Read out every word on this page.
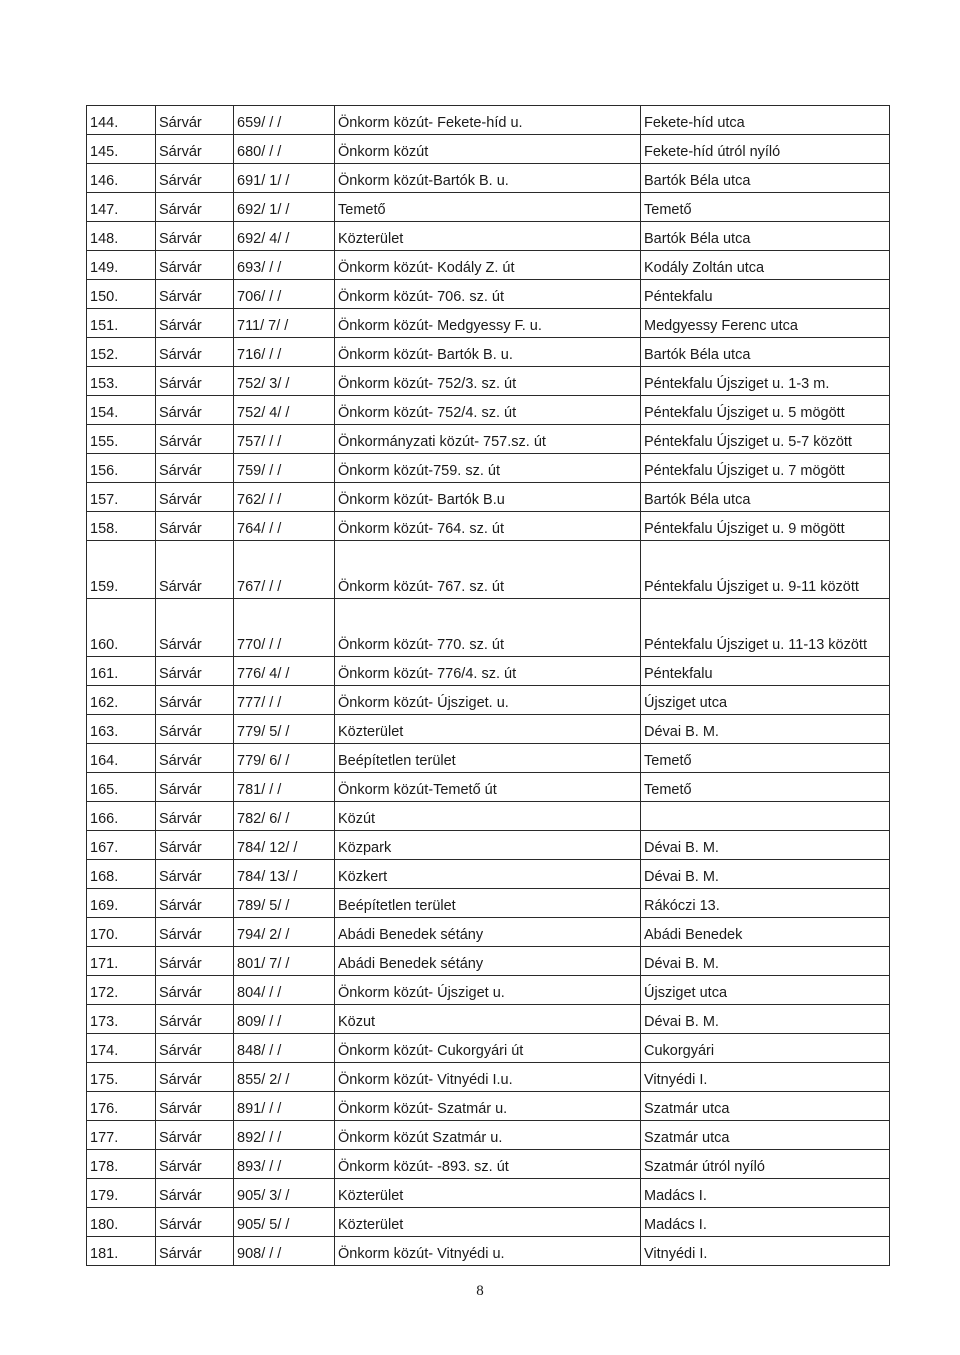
144.	Sárvár	659/ / /	Önkorm közút- Fekete-híd u.	Fekete-híd utca
145.	Sárvár	680/ / /	Önkorm közút	Fekete-híd útról nyíló
146.	Sárvár	691/ 1/ /	Önkorm közút-Bartók B. u.	Bartók Béla utca
147.	Sárvár	692/ 1/ /	Temető	Temető
148.	Sárvár	692/ 4/ /	Közterület	Bartók Béla utca
149.	Sárvár	693/ / /	Önkorm közút- Kodály Z. út	Kodály Zoltán utca
150.	Sárvár	706/ / /	Önkorm közút- 706. sz. út	Péntekfalu
151.	Sárvár	711/ 7/ /	Önkorm közút- Medgyessy F. u.	Medgyessy Ferenc utca
152.	Sárvár	716/ / /	Önkorm közút- Bartók B. u.	Bartók Béla utca
153.	Sárvár	752/ 3/ /	Önkorm közút- 752/3. sz. út	Péntekfalu Újsziget u. 1-3 m.
154.	Sárvár	752/ 4/ /	Önkorm közút- 752/4. sz. út	Péntekfalu Újsziget u. 5 mögött
155.	Sárvár	757/ / /	Önkormányzati közút- 757.sz. út	Péntekfalu Újsziget u. 5-7 között
156.	Sárvár	759/ / /	Önkorm közút-759. sz. út	Péntekfalu Újsziget u. 7 mögött
157.	Sárvár	762/ / /	Önkorm közút- Bartók B.u	Bartók Béla utca
158.	Sárvár	764/ / /	Önkorm közút- 764. sz. út	Péntekfalu Újsziget u. 9 mögött
159.	Sárvár	767/ / /	Önkorm közút- 767. sz. út	Péntekfalu Újsziget u. 9-11 között
160.	Sárvár	770/ / /	Önkorm közút- 770. sz. út	Péntekfalu Újsziget u. 11-13 között
161.	Sárvár	776/ 4/ /	Önkorm közút- 776/4. sz. út	Péntekfalu
162.	Sárvár	777/ / /	Önkorm közút- Újsziget. u.	Újsziget utca
163.	Sárvár	779/ 5/ /	Közterület	Dévai B. M.
164.	Sárvár	779/ 6/ /	Beépítetlen terület	Temető
165.	Sárvár	781/ / /	Önkorm közút-Temető út	Temető
166.	Sárvár	782/ 6/ /	Közút	
167.	Sárvár	784/ 12/ /	Közpark	Dévai B. M.
168.	Sárvár	784/ 13/ /	Közkert	Dévai B. M.
169.	Sárvár	789/ 5/ /	Beépítetlen terület	Rákóczi 13.
170.	Sárvár	794/ 2/ /	Abádi Benedek sétány	Abádi Benedek
171.	Sárvár	801/ 7/ /	Abádi Benedek sétány	Dévai B. M.
172.	Sárvár	804/ / /	Önkorm közút- Újsziget u.	Újsziget utca
173.	Sárvár	809/ / /	Közut	Dévai B. M.
174.	Sárvár	848/ / /	Önkorm közút- Cukorgyári út	Cukorgyári
175.	Sárvár	855/ 2/ /	Önkorm közút- Vitnyédi I.u.	Vitnyédi I.
176.	Sárvár	891/ / /	Önkorm közút- Szatmár u.	Szatmár utca
177.	Sárvár	892/ / /	Önkorm közút Szatmár u.	Szatmár utca
178.	Sárvár	893/ / /	Önkorm közút- -893. sz. út	Szatmár útról nyíló
179.	Sárvár	905/ 3/ /	Közterület	Madács I.
180.	Sárvár	905/ 5/ /	Közterület	Madács I.
181.	Sárvár	908/ / /	Önkorm közút- Vitnyédi u.	Vitnyédi I.
8
